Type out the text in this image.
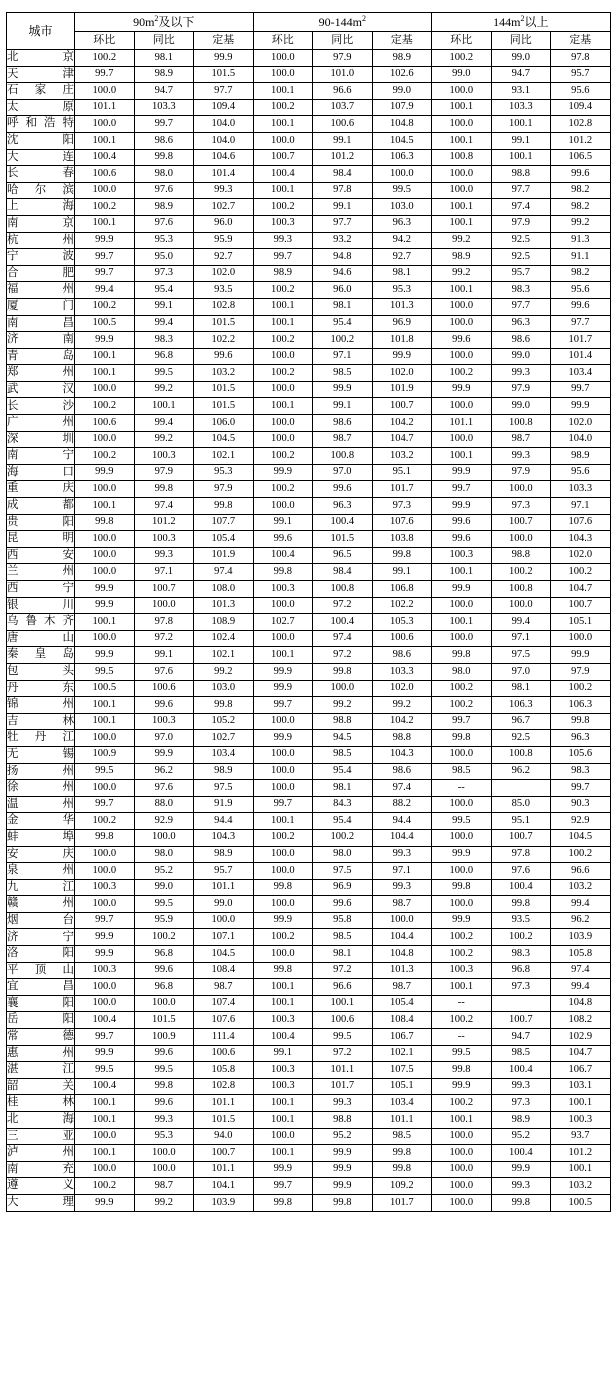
城市	$90m^2$及以下			$90-144m^2$			$144m^2$以上		
	环比	同比	定基	环比	同比	定基	环比	同比	定基
北京	100.2	98.1	99.9	100.0	97.9	98.9	100.2	99.0	97.8
天津	99.7	98.9	101.5	100.0	101.0	102.6	99.0	94.7	95.7
石家庄	100.0	94.7	97.7	100.1	96.6	99.0	100.0	93.1	95.6
太原	101.1	103.3	109.4	100.2	103.7	107.9	100.1	103.3	109.4
呼和浩特	100.0	99.7	104.0	100.1	100.6	104.8	100.0	100.1	102.8
沈阳	100.1	98.6	104.0	100.0	99.1	104.5	100.1	99.1	101.2
大连	100.4	99.8	104.6	100.7	101.2	106.3	100.8	100.1	106.5
长春	100.6	98.0	101.4	100.4	98.4	100.0	100.0	98.8	99.6
哈尔滨	100.0	97.6	99.3	100.1	97.8	99.5	100.0	97.7	98.2
上海	100.2	98.9	102.7	100.2	99.1	103.0	100.1	97.4	98.2
南京	100.1	97.6	96.0	100.3	97.7	96.3	100.1	97.9	99.2
杭州	99.9	95.3	95.9	99.3	93.2	94.2	99.2	92.5	91.3
宁波	99.7	95.0	92.7	99.7	94.8	92.7	98.9	92.5	91.1
合肥	99.7	97.3	102.0	98.9	94.6	98.1	99.2	95.7	98.2
福州	99.4	95.4	93.5	100.2	96.0	95.3	100.1	98.3	95.6
厦门	100.2	99.1	102.8	100.1	98.1	101.3	100.0	97.7	99.6
南昌	100.5	99.4	101.5	100.1	95.4	96.9	100.0	96.3	97.7
济南	99.9	98.3	102.2	100.2	100.2	101.8	99.6	98.6	101.7
青岛	100.1	96.8	99.6	100.0	97.1	99.9	100.0	99.0	101.4
郑州	100.1	99.5	103.2	100.2	98.5	102.0	100.2	99.3	103.4
武汉	100.0	99.2	101.5	100.0	99.9	101.9	99.9	97.9	99.7
长沙	100.2	100.1	101.5	100.1	99.1	100.7	100.0	99.0	99.9
广州	100.6	99.4	106.0	100.0	98.6	104.2	101.1	100.8	102.0
深圳	100.0	99.2	104.5	100.0	98.7	104.7	100.0	98.7	104.0
南宁	100.2	100.3	102.1	100.2	100.8	103.2	100.1	99.3	98.9
海口	99.9	97.9	95.3	99.9	97.0	95.1	99.9	97.9	95.6
重庆	100.0	99.8	97.9	100.2	99.6	101.7	99.7	100.0	103.3
成都	100.1	97.4	99.8	100.0	96.3	97.3	99.9	97.3	97.1
贵阳	99.8	101.2	107.7	99.1	100.4	107.6	99.6	100.7	107.6
昆明	100.0	100.3	105.4	99.6	101.5	103.8	99.6	100.0	104.3
西安	100.0	99.3	101.9	100.4	96.5	99.8	100.3	98.8	102.0
兰州	100.0	97.1	97.4	99.8	98.4	99.1	100.1	100.2	100.2
西宁	99.9	100.7	108.0	100.3	100.8	106.8	99.9	100.8	104.7
银川	99.9	100.0	101.3	100.0	97.2	102.2	100.0	100.0	100.7
乌鲁木齐	100.1	97.8	108.9	102.7	100.4	105.3	100.1	99.4	105.1
唐山	100.0	97.2	102.4	100.0	97.4	100.6	100.0	97.1	100.0
秦皇岛	99.9	99.1	102.1	100.1	97.2	98.6	99.8	97.5	99.9
包头	99.5	97.6	99.2	99.9	99.8	103.3	98.0	97.0	97.9
丹东	100.5	100.6	103.0	99.9	100.0	102.0	100.2	98.1	100.2
锦州	100.1	99.6	99.8	99.7	99.2	99.2	100.2	106.3	106.3
吉林	100.1	100.3	105.2	100.0	98.8	104.2	99.7	96.7	99.8
牡丹江	100.0	97.0	102.7	99.9	94.5	98.8	99.8	92.5	96.3
无锡	100.9	99.9	103.4	100.0	98.5	104.3	100.0	100.8	105.6
扬州	99.5	96.2	98.9	100.0	95.4	98.6	98.5	96.2	98.3
徐州	100.0	97.6	97.5	100.0	98.1	97.4	--		99.7
温州	99.7	88.0	91.9	99.7	84.3	88.2	100.0	85.0	90.3
金华	100.2	92.9	94.4	100.1	95.4	94.4	99.5	95.1	92.9
蚌埠	99.8	100.0	104.3	100.2	100.2	104.4	100.0	100.7	104.5
安庆	100.0	98.0	98.9	100.0	98.0	99.3	99.9	97.8	100.2
泉州	100.0	95.2	95.7	100.0	97.5	97.1	100.0	97.6	96.6
九江	100.3	99.0	101.1	99.8	96.9	99.3	99.8	100.4	103.2
赣州	100.0	99.5	99.0	100.0	99.6	98.7	100.0	99.8	99.4
烟台	99.7	95.9	100.0	99.9	95.8	100.0	99.9	93.5	96.2
济宁	99.9	100.2	107.1	100.2	98.5	104.4	100.2	100.2	103.9
洛阳	99.9	96.8	104.5	100.0	98.1	104.8	100.2	98.3	105.8
平顶山	100.3	99.6	108.4	99.8	97.2	101.3	100.3	96.8	97.4
宜昌	100.0	96.8	98.7	100.1	96.6	98.7	100.1	97.3	99.4
襄阳	100.0	100.0	107.4	100.1	100.1	105.4	--		104.8
岳阳	100.4	101.5	107.6	100.3	100.6	108.4	100.2	100.7	108.2
常德	99.7	100.9	111.4	100.4	99.5	106.7	--	94.7	102.9
惠州	99.9	99.6	100.6	99.1	97.2	102.1	99.5	98.5	104.7
湛江	99.5	99.5	105.8	100.3	101.1	107.5	99.8	100.4	106.7
韶关	100.4	99.8	102.8	100.3	101.7	105.1	99.9	99.3	103.1
桂林	100.1	99.6	101.1	100.1	99.3	103.4	100.2	97.3	100.1
北海	100.1	99.3	101.5	100.1	98.8	101.1	100.1	98.9	100.3
三亚	100.0	95.3	94.0	100.0	95.2	98.5	100.0	95.2	93.7
泸州	100.1	100.0	100.7	100.1	99.9	99.8	100.0	100.4	101.2
南充	100.0	100.0	101.1	99.9	99.9	99.8	100.0	99.9	100.1
遵义	100.2	98.7	104.1	99.7	99.9	109.2	100.0	99.3	103.2
大理	99.9	99.2	103.9	99.8	99.8	101.7	100.0	99.8	100.5
